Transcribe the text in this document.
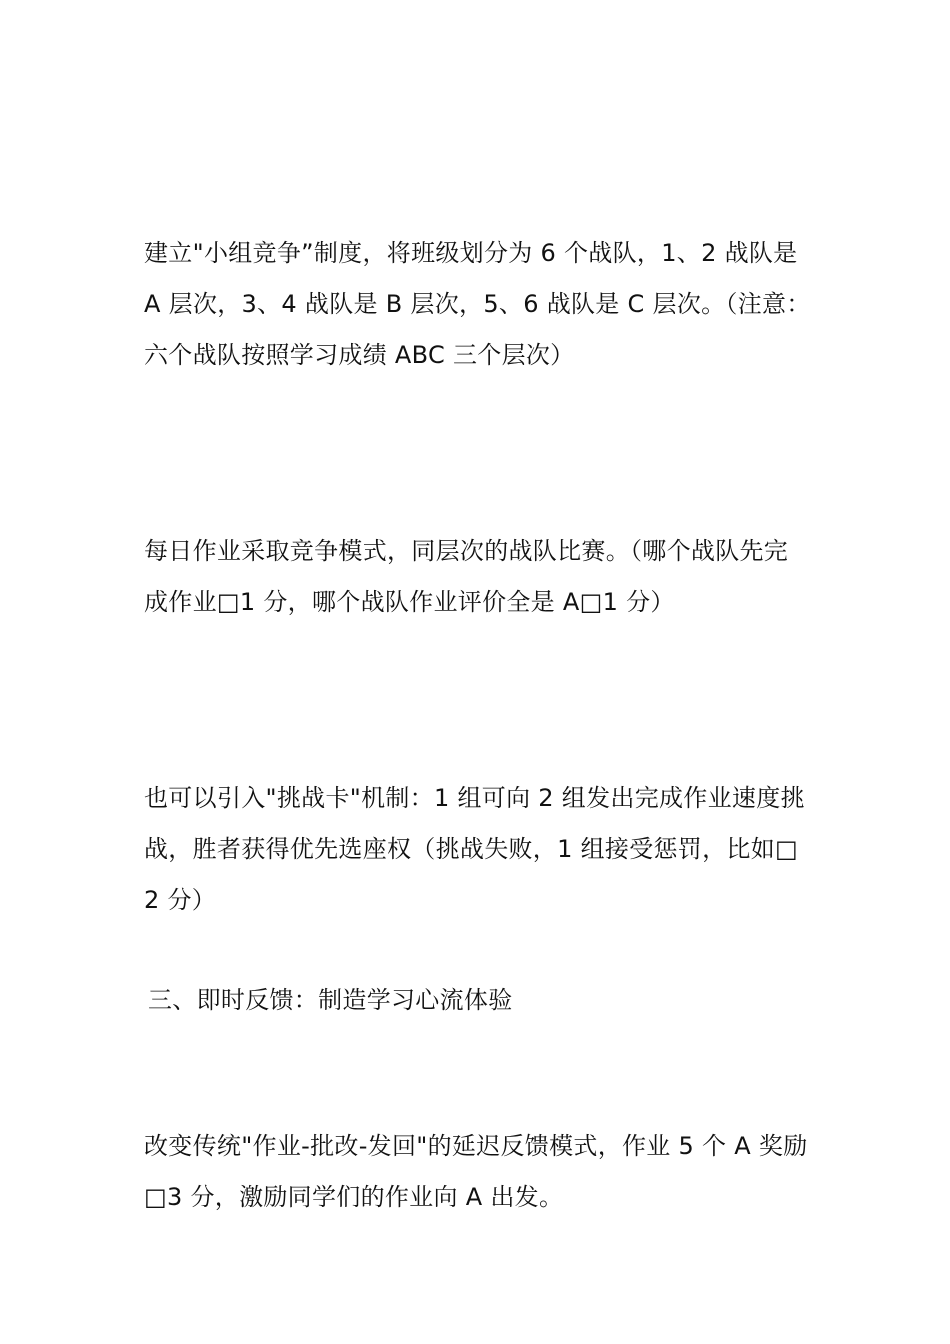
建立"小组竞争”制度，将班级划分为 6 个战队，1、2 战队是 A 层次，3、4 战队是 B 层次，5、6 战队是 C 层次。（注意：六个战队按照学习成绩 ABC 三个层次）

每日作业采取竞争模式，同层次的战队比赛。（哪个战队先完成作业□1 分，哪个战队作业评价全是 A□1 分）

也可以引入"挑战卡"机制：1 组可向 2 组发出完成作业速度挑战，胜者获得优先选座权（挑战失败，1 组接受惩罚，比如□2 分）

三、即时反馈：制造学习心流体验

改变传统"作业-批改-发回"的延迟反馈模式，作业 5 个 A 奖励□3 分，激励同学们的作业向 A 出发。
